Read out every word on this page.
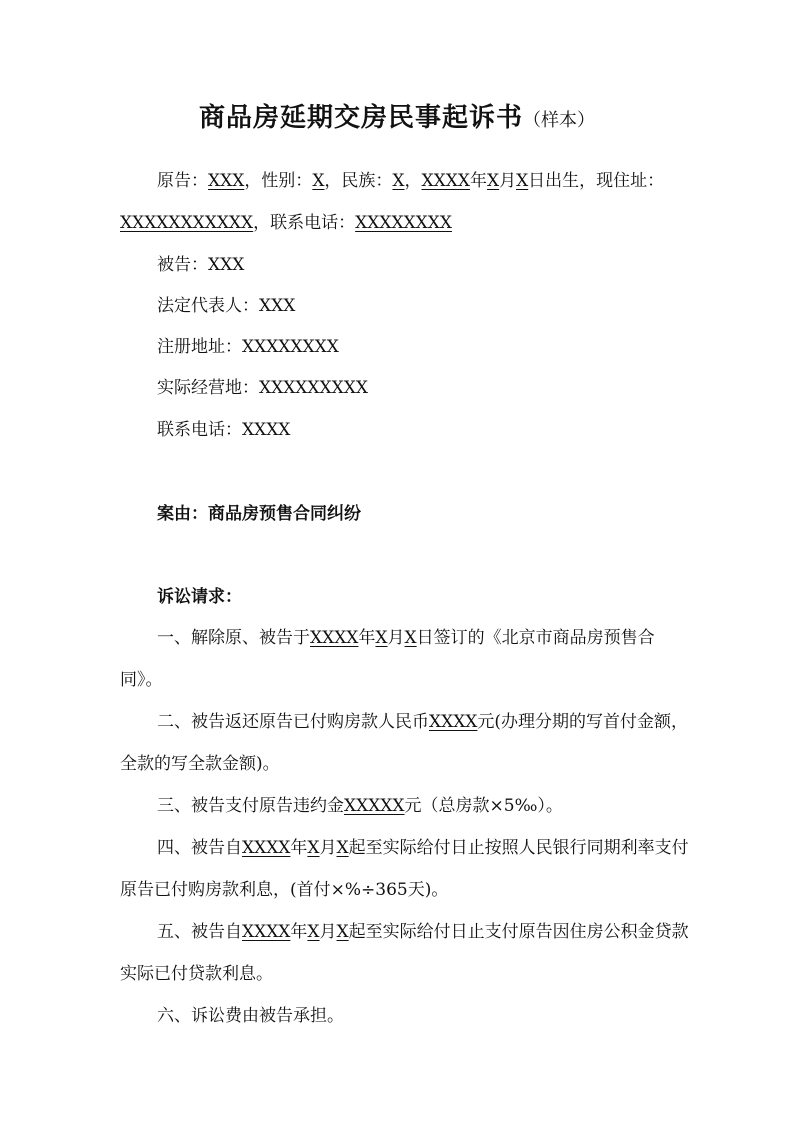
商品房延期交房民事起诉书（样本）
原告：XXX，性别：X，民族：X，XXXX年X月X日出生，现住址：XXXXXXXXXXX，联系电话：XXXXXXXX
被告：XXX
法定代表人：XXX
注册地址：XXXXXXXX
实际经营地：XXXXXXXXX
联系电话：XXXX
案由：商品房预售合同纠纷
诉讼请求：
一、解除原、被告于XXXX年X月X日签订的《北京市商品房预售合同》。
二、被告返还原告已付购房款人民币XXXX元(办理分期的写首付金额，全款的写全款金额)。
三、被告支付原告违约金XXXXX元（总房款×5‰）。
四、被告自XXXX年X月X起至实际给付日止按照人民银行同期利率支付原告已付购房款利息，(首付×%÷365天)。
五、被告自XXXX年X月X起至实际给付日止支付原告因住房公积金贷款实际已付贷款利息。
六、诉讼费由被告承担。
